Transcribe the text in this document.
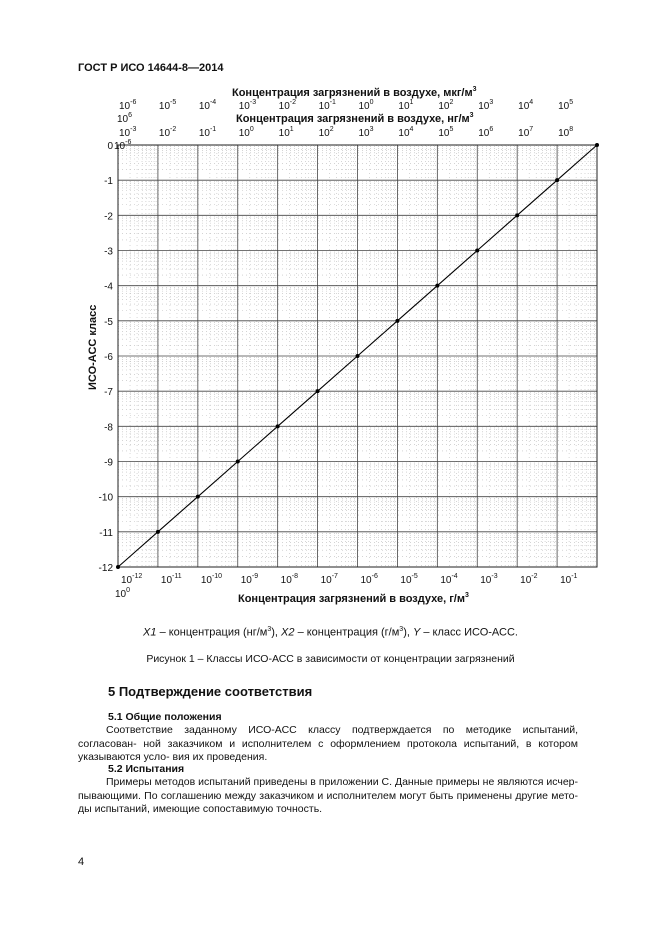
ГОСТ Р ИСО 14644-8—2014
0
-1
-2
-3
-4
-5
-6
-7
-8
-9
-10
-11
-12
$10^{-6}$
$10^{-12}$ $10^{-11}$ $10^{-10}$ $10^{-9}$ $10^{-8}$ $10^{-7}$ $10^{-6}$ $10^{-5}$ $10^{-4}$ $10^{-3}$ $10^{-2}$ $10^{-1}$
$10^0$
$10^{-6}$ $10^{-5}$ $10^{-4}$ $10^{-3}$ $10^{-2}$ $10^{-1}$ $10^0$ $10^1$ $10^2$ $10^3$ $10^4$ $10^5$
$10^6$
$10^{-3}$ $10^{-2}$ $10^{-1}$ $10^0$ $10^1$ $10^2$ $10^3$ $10^4$ $10^5$ $10^6$ $10^7$ $10^8$
Концентрация загрязнений в воздухе, мкг/$м^3$
Концентрация загрязнений в воздухе, $нг/м^3$
Концентрация загрязнений в воздухе, $г/м^3$
ИСО-АСС класс
X1 – концентрация $(нг/м^3)$, X2 – концентрация $(г/м^3)$, Y – класс ИСО-АСС.
Рисунок 1 – Классы ИСО-АСС в зависимости от концентрации загрязнений
5 Подтверждение соответствия
5.1 Общие положения
Соответствие заданному ИСО-АСС классу подтверждается по методике испытаний, согласован- ной заказчиком и исполнителем с оформлением протокола испытаний, в котором указываются усло- вия их проведения.
5.2 Испытания
Примеры методов испытаний приведены в приложении С. Данные примеры не являются исчер- пывающими. По соглашению между заказчиком и исполнителем могут быть применены другие мето- ды испытаний, имеющие сопоставимую точность.
4
